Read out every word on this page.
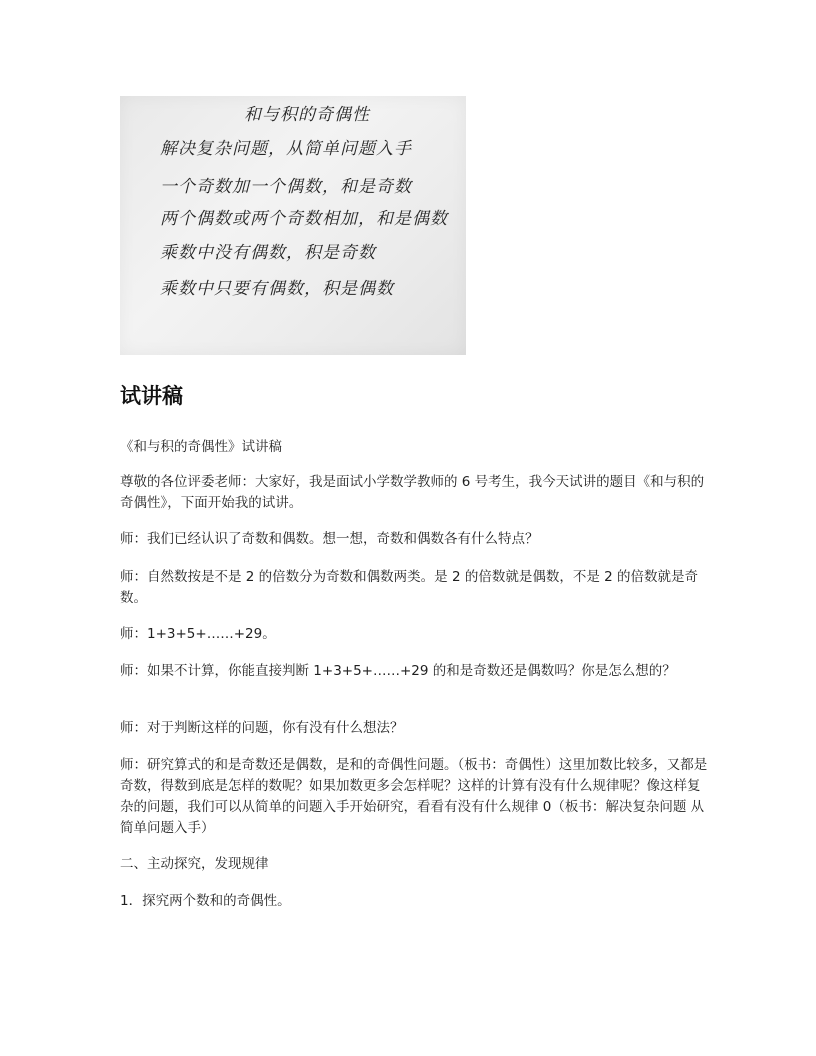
和与积的奇偶性

解决复杂问题，从简单问题入手

一个奇数加一个偶数，和是奇数

两个偶数或两个奇数相加，和是偶数

乘数中没有偶数，积是奇数

乘数中只要有偶数，积是偶数

试讲稿

《和与积的奇偶性》试讲稿

尊敬的各位评委老师：大家好，我是面试小学数学教师的 6 号考生，我今天试讲的题目《和与积的奇偶性》，下面开始我的试讲。

师：我们已经认识了奇数和偶数。想一想，奇数和偶数各有什么特点？

师：自然数按是不是 2 的倍数分为奇数和偶数两类。是 2 的倍数就是偶数，不是 2 的倍数就是奇数。

师：1+3+5+……+29。

师：如果不计算，你能直接判断 1+3+5+……+29 的和是奇数还是偶数吗？你是怎么想的？

师：对于判断这样的问题，你有没有什么想法？

师：研究算式的和是奇数还是偶数，是和的奇偶性问题。（板书：奇偶性）这里加数比较多，又都是奇数，得数到底是怎样的数呢？如果加数更多会怎样呢？这样的计算有没有什么规律呢？像这样复杂的问题，我们可以从简单的问题入手开始研究，看看有没有什么规律 0（板书：解决复杂问题 从简单问题入手）

二、主动探究，发现规律

1．探究两个数和的奇偶性。
